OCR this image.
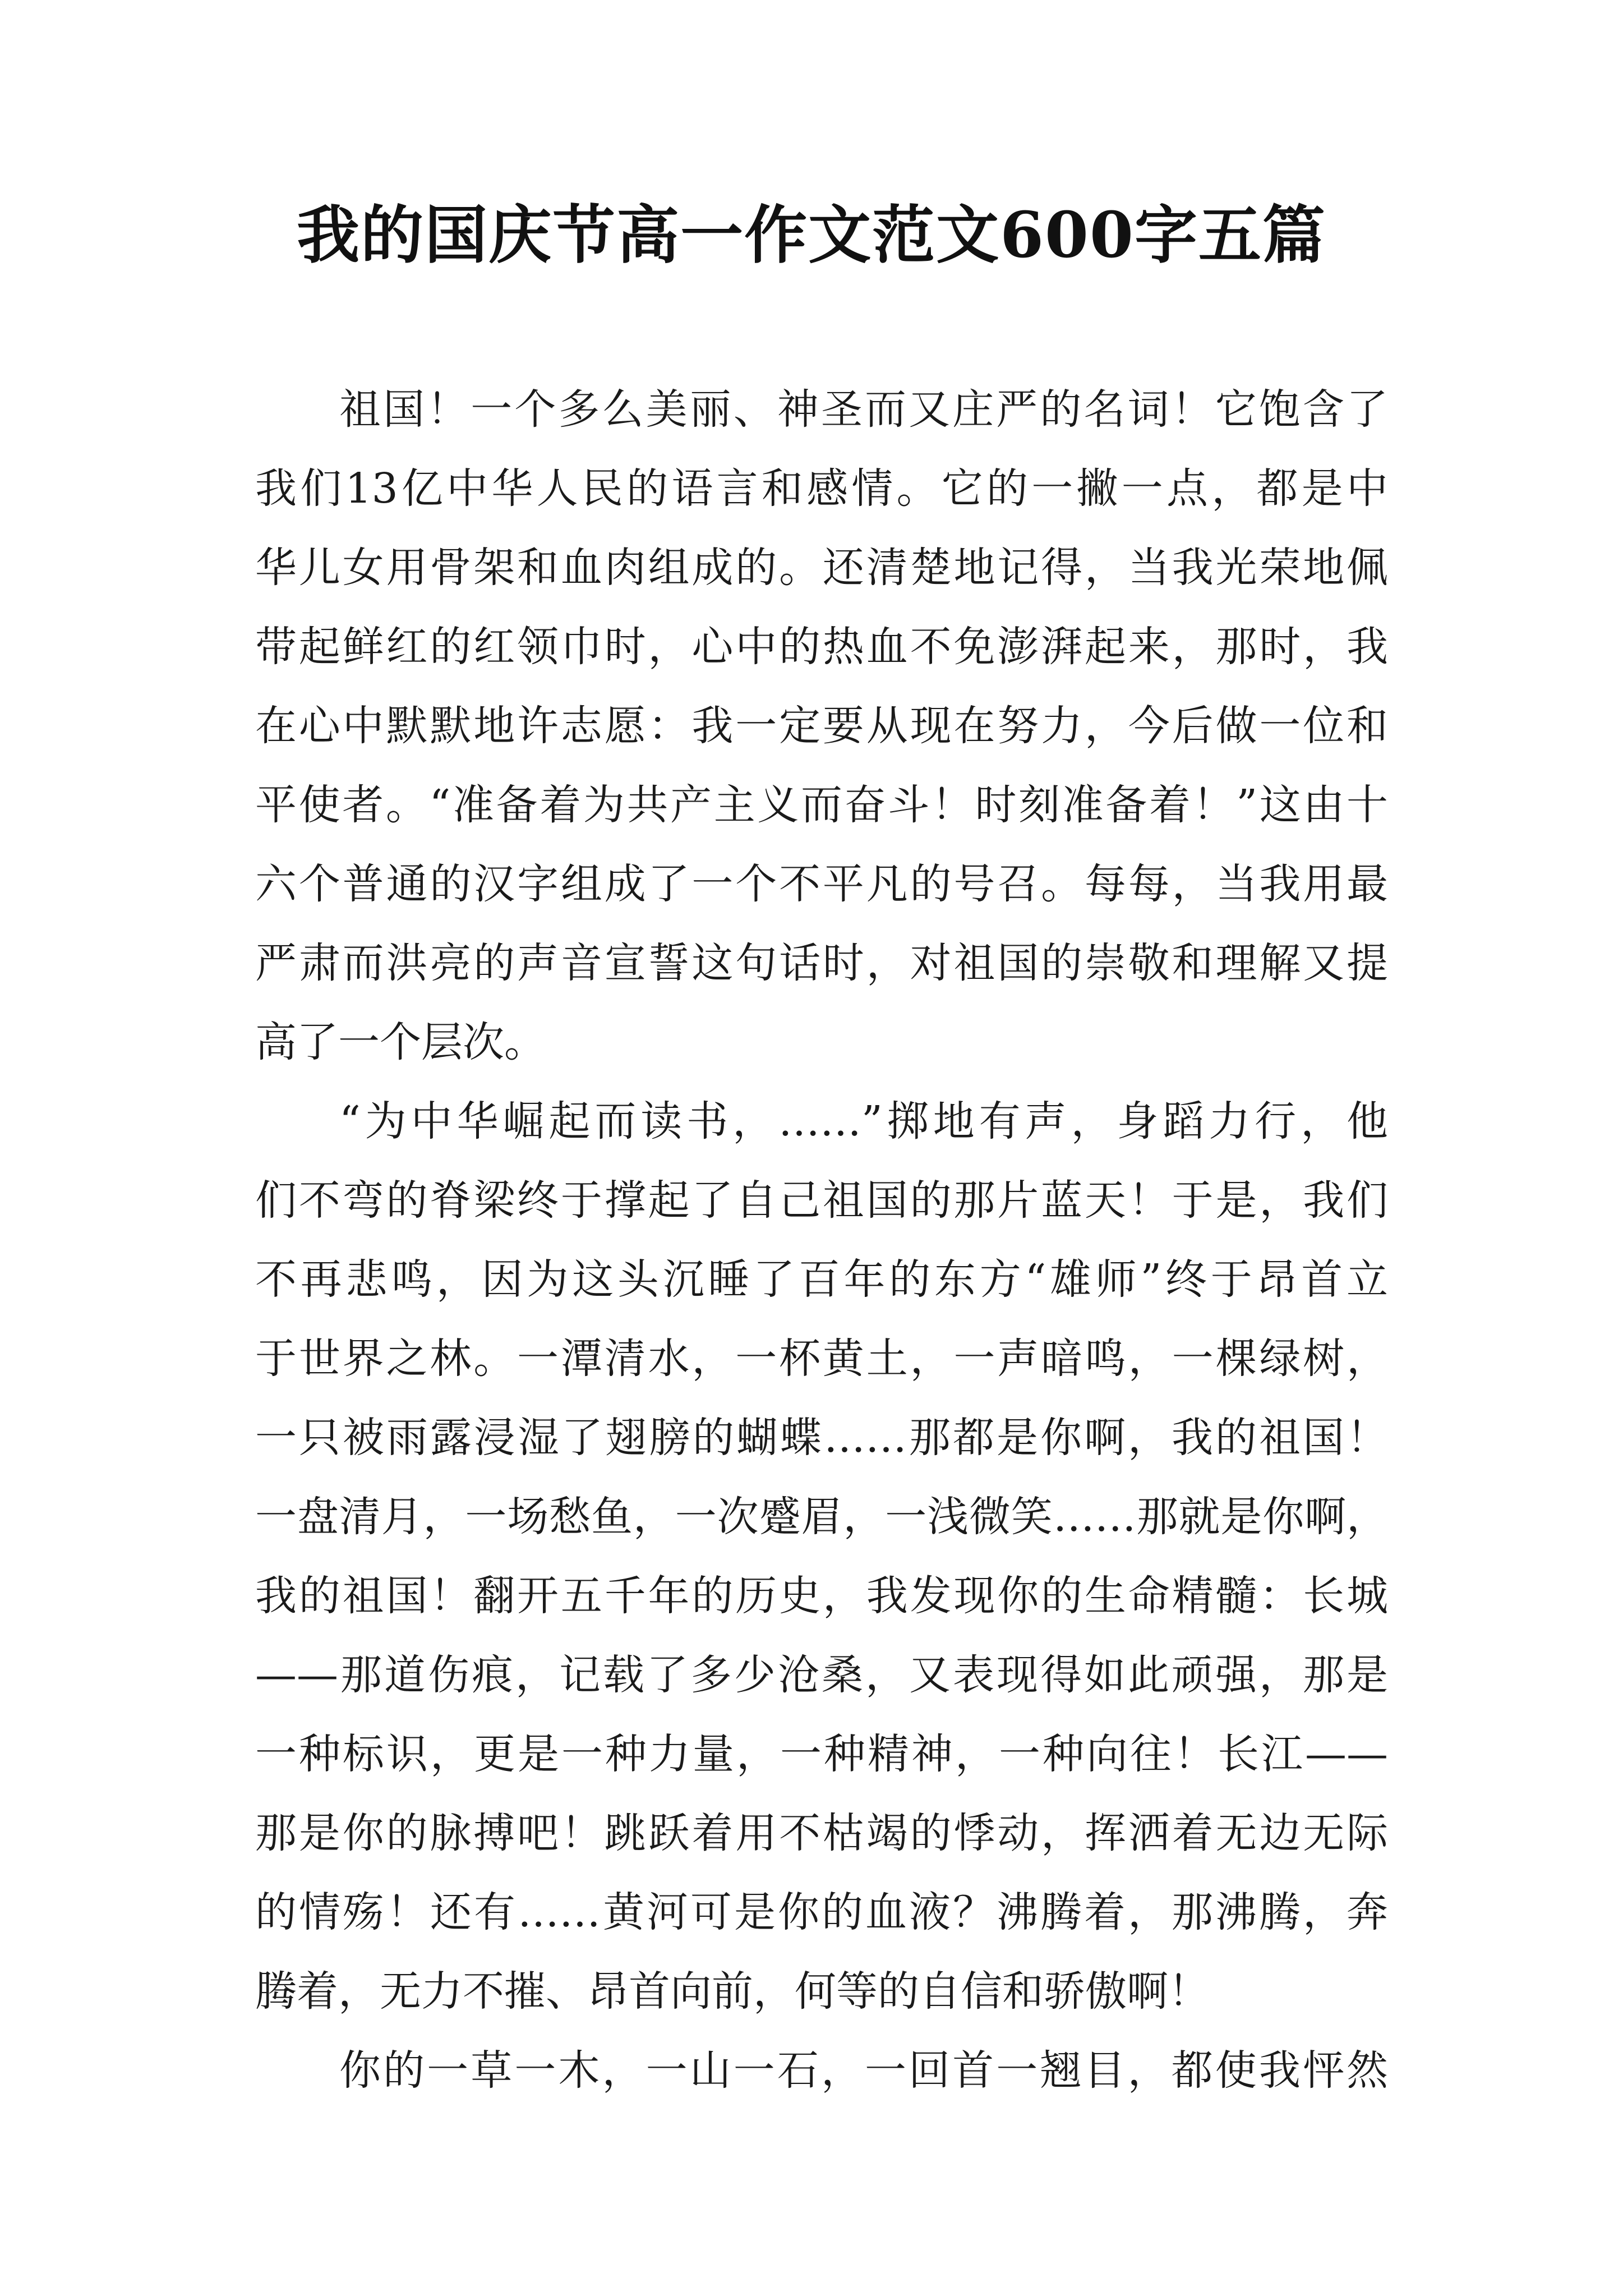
我的国庆节高一作文范文600字五篇
祖国！一个多么美丽、神圣而又庄严的名词！它饱含了
我们13亿中华人民的语言和感情。它的一撇一点，都是中
华儿女用骨架和血肉组成的。还清楚地记得，当我光荣地佩
带起鲜红的红领巾时，心中的热血不免澎湃起来，那时，我
在心中默默地许志愿：我一定要从现在努力，今后做一位和
平使者。“准备着为共产主义而奋斗！时刻准备着！”这由十
六个普通的汉字组成了一个不平凡的号召。每每，当我用最
严肃而洪亮的声音宣誓这句话时，对祖国的崇敬和理解又提
高了一个层次。
“为中华崛起而读书，……”掷地有声，身蹈力行，他
们不弯的脊梁终于撑起了自己祖国的那片蓝天！于是，我们
不再悲鸣，因为这头沉睡了百年的东方“雄师”终于昂首立
于世界之林。一潭清水，一杯黄土，一声暗鸣，一棵绿树，
一只被雨露浸湿了翅膀的蝴蝶……那都是你啊，我的祖国！
一盘清月，一场愁鱼，一次蹙眉，一浅微笑……那就是你啊，
我的祖国！翻开五千年的历史，我发现你的生命精髓：长城
——那道伤痕，记载了多少沧桑，又表现得如此顽强，那是
一种标识，更是一种力量，一种精神，一种向往！长江——
那是你的脉搏吧！跳跃着用不枯竭的悸动，挥洒着无边无际
的情殇！还有……黄河可是你的血液？沸腾着，那沸腾，奔
腾着，无力不摧、昂首向前，何等的自信和骄傲啊！
你的一草一木，一山一石，一回首一翘目，都使我怦然
